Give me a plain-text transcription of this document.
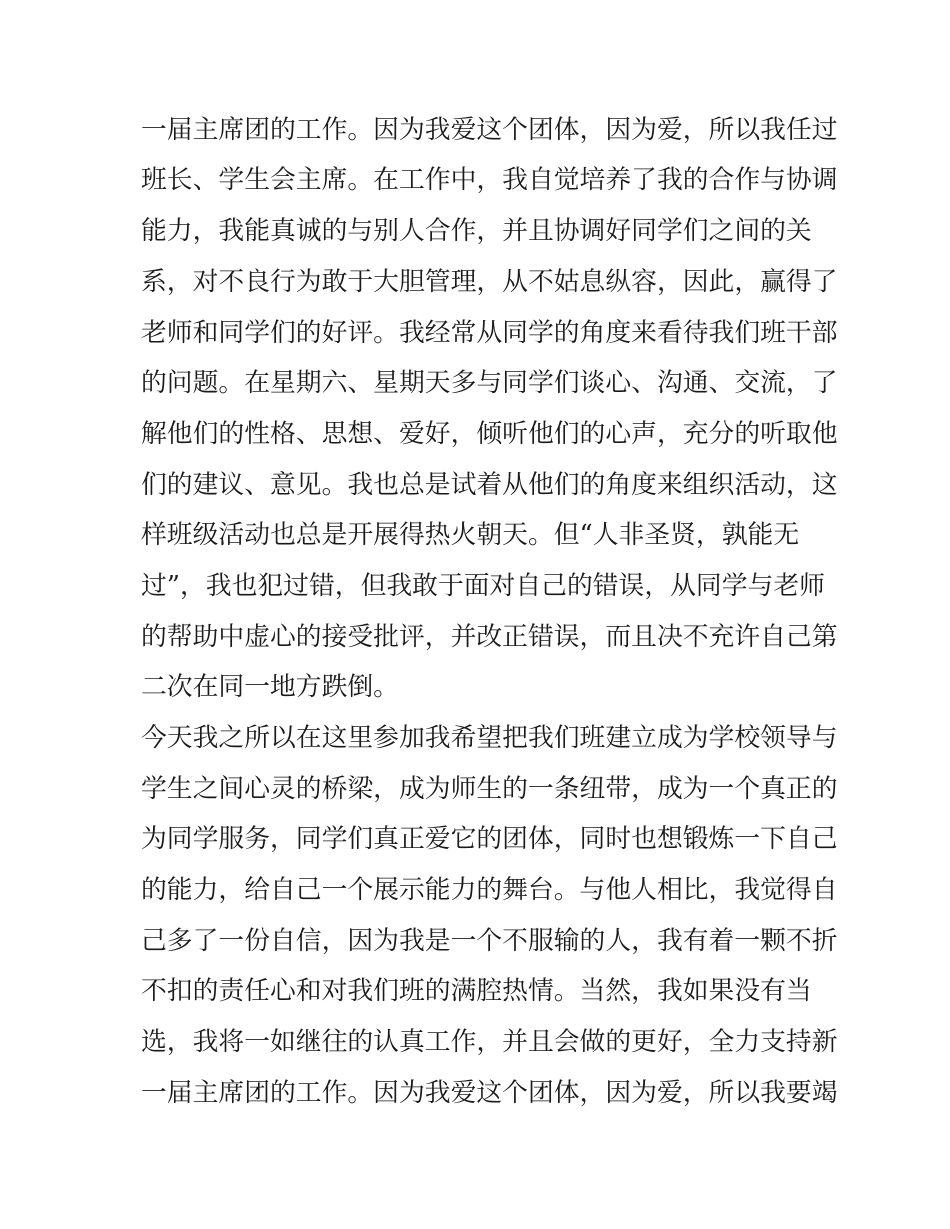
一届主席团的工作。因为我爱这个团体，因为爱，所以我任过
班长、学生会主席。在工作中，我自觉培养了我的合作与协调
能力，我能真诚的与别人合作，并且协调好同学们之间的关
系，对不良行为敢于大胆管理，从不姑息纵容，因此，赢得了
老师和同学们的好评。我经常从同学的角度来看待我们班干部
的问题。在星期六、星期天多与同学们谈心、沟通、交流，了
解他们的性格、思想、爱好，倾听他们的心声，充分的听取他
们的建议、意见。我也总是试着从他们的角度来组织活动，这
样班级活动也总是开展得热火朝天。但“人非圣贤，孰能无
过”，我也犯过错，但我敢于面对自己的错误，从同学与老师
的帮助中虚心的接受批评，并改正错误，而且决不充许自己第
二次在同一地方跌倒。
今天我之所以在这里参加我希望把我们班建立成为学校领导与
学生之间心灵的桥梁，成为师生的一条纽带，成为一个真正的
为同学服务，同学们真正爱它的团体，同时也想锻炼一下自己
的能力，给自己一个展示能力的舞台。与他人相比，我觉得自
己多了一份自信，因为我是一个不服输的人，我有着一颗不折
不扣的责任心和对我们班的满腔热情。当然，我如果没有当
选，我将一如继往的认真工作，并且会做的更好，全力支持新
一届主席团的工作。因为我爱这个团体，因为爱，所以我要竭
